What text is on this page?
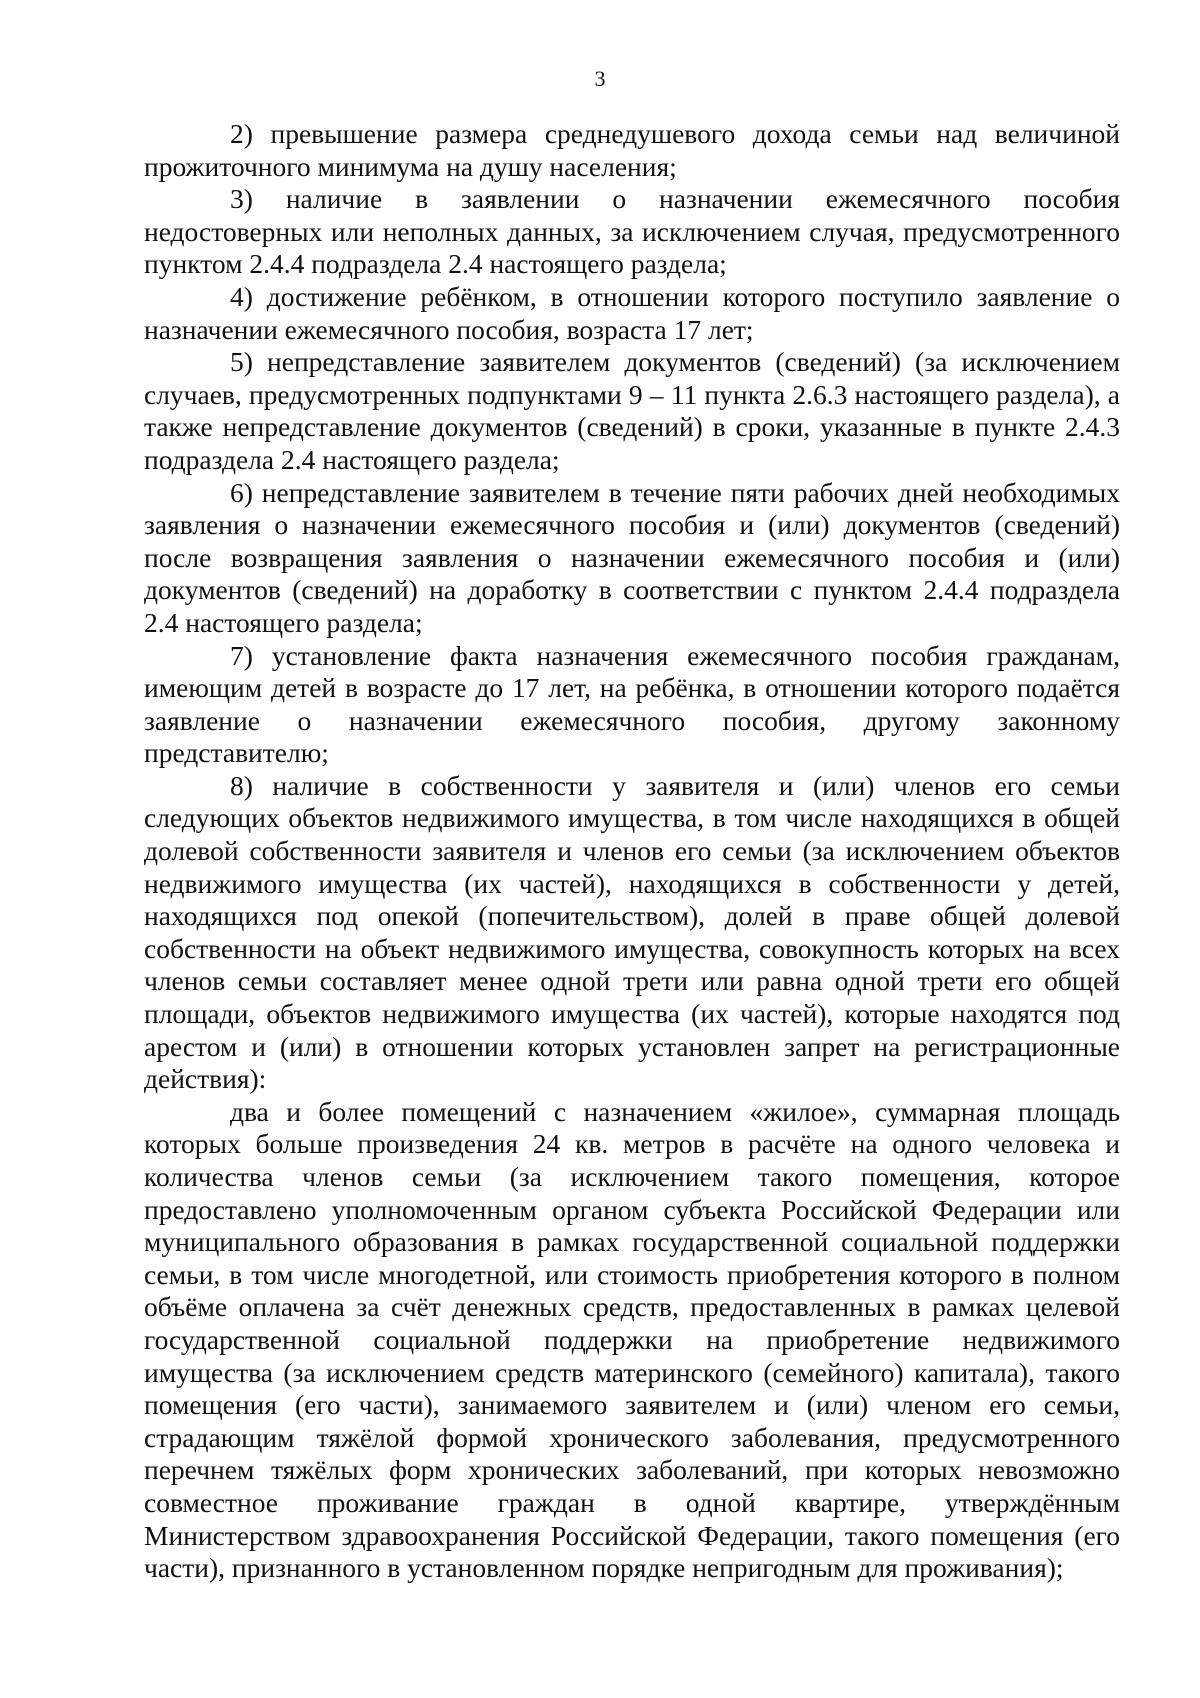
3

2) превышение размера среднедушевого дохода семьи над величиной прожиточного минимума на душу населения;

3) наличие в заявлении о назначении ежемесячного пособия недостоверных или неполных данных, за исключением случая, предусмотренного пунктом 2.4.4 подраздела 2.4 настоящего раздела;

4) достижение ребёнком, в отношении которого поступило заявление о назначении ежемесячного пособия, возраста 17 лет;

5) непредставление заявителем документов (сведений) (за исключением случаев, предусмотренных подпунктами 9 – 11 пункта 2.6.3 настоящего раздела), а также непредставление документов (сведений) в сроки, указанные в пункте 2.4.3 подраздела 2.4 настоящего раздела;

6) непредставление заявителем в течение пяти рабочих дней необходимых заявления о назначении ежемесячного пособия и (или) документов (сведений) после возвращения заявления о назначении ежемесячного пособия и (или) документов (сведений) на доработку в соответствии с пунктом 2.4.4 подраздела 2.4 настоящего раздела;

7) установление факта назначения ежемесячного пособия гражданам, имеющим детей в возрасте до 17 лет, на ребёнка, в отношении которого подаётся заявление о назначении ежемесячного пособия, другому законному представителю;

8) наличие в собственности у заявителя и (или) членов его семьи следующих объектов недвижимого имущества, в том числе находящихся в общей долевой собственности заявителя и членов его семьи (за исключением объектов недвижимого имущества (их частей), находящихся в собственности у детей, находящихся под опекой (попечительством), долей в праве общей долевой собственности на объект недвижимого имущества, совокупность которых на всех членов семьи составляет менее одной трети или равна одной трети его общей площади, объектов недвижимого имущества (их частей), которые находятся под арестом и (или) в отношении которых установлен запрет на регистрационные действия):

два и более помещений с назначением «жилое», суммарная площадь которых больше произведения 24 кв. метров в расчёте на одного человека и количества членов семьи (за исключением такого помещения, которое предоставлено уполномоченным органом субъекта Российской Федерации или муниципального образования в рамках государственной социальной поддержки семьи, в том числе многодетной, или стоимость приобретения которого в полном объёме оплачена за счёт денежных средств, предоставленных в рамках целевой государственной социальной поддержки на приобретение недвижимого имущества (за исключением средств материнского (семейного) капитала), такого помещения (его части), занимаемого заявителем и (или) членом его семьи, страдающим тяжёлой формой хронического заболевания, предусмотренного перечнем тяжёлых форм хронических заболеваний, при которых невозможно совместное проживание граждан в одной квартире, утверждённым Министерством здравоохранения Российской Федерации, такого помещения (его части), признанного в установленном порядке непригодным для проживания);
